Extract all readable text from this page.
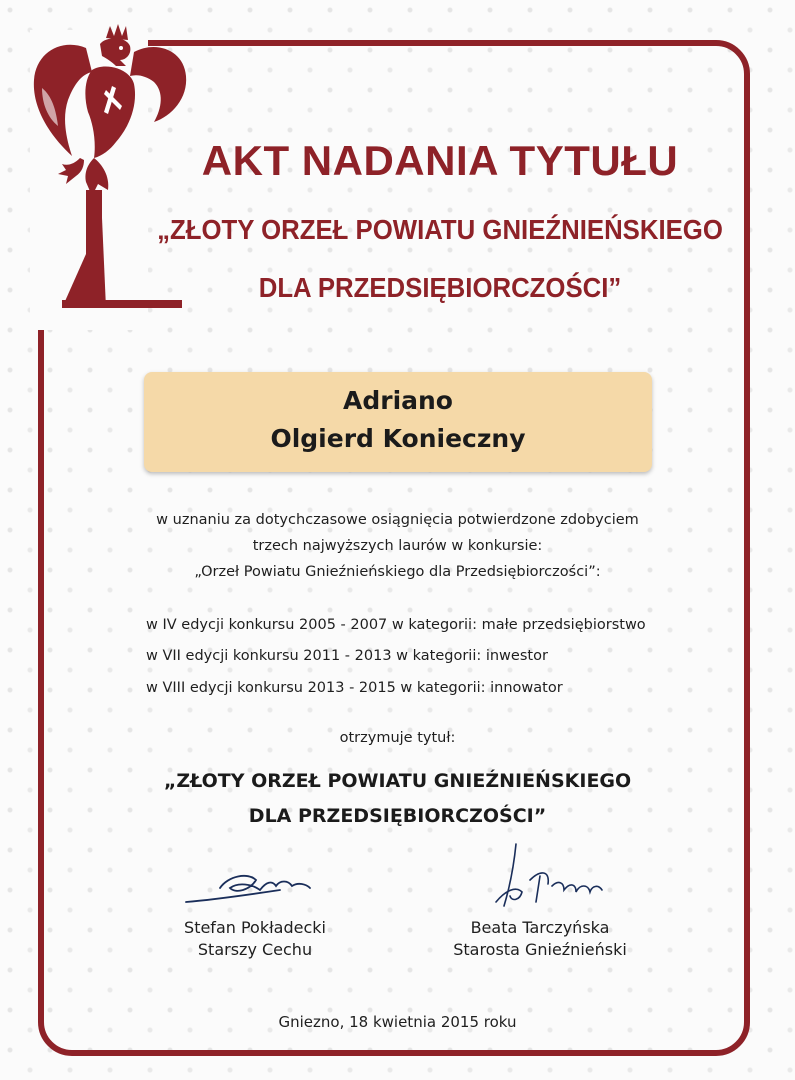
AKT NADANIA TYTUŁU

„ZŁOTY ORZEŁ POWIATU GNIEŹNIEŃSKIEGO

DLA PRZEDSIĘBIORCZOŚCI”

Adriano
Olgierd Konieczny
w uznaniu za dotychczasowe osiągnięcia potwierdzone zdobyciem
trzech najwyższych laurów w konkursie:
„Orzeł Powiatu Gnieźnieńskiego dla Przedsiębiorczości”:
w IV edycji konkursu 2005 - 2007 w kategorii: małe przedsiębiorstwo
w VII edycji konkursu 2011 - 2013 w kategorii: inwestor
w VIII edycji konkursu 2013 - 2015 w kategorii: innowator
otrzymuje tytuł:
„ZŁOTY ORZEŁ POWIATU GNIEŹNIEŃSKIEGO
DLA PRZEDSIĘBIORCZOŚCI”
Stefan Pokładecki
Starszy Cechu
Beata Tarczyńska
Starosta Gnieźnieński
Gniezno, 18 kwietnia 2015 roku
